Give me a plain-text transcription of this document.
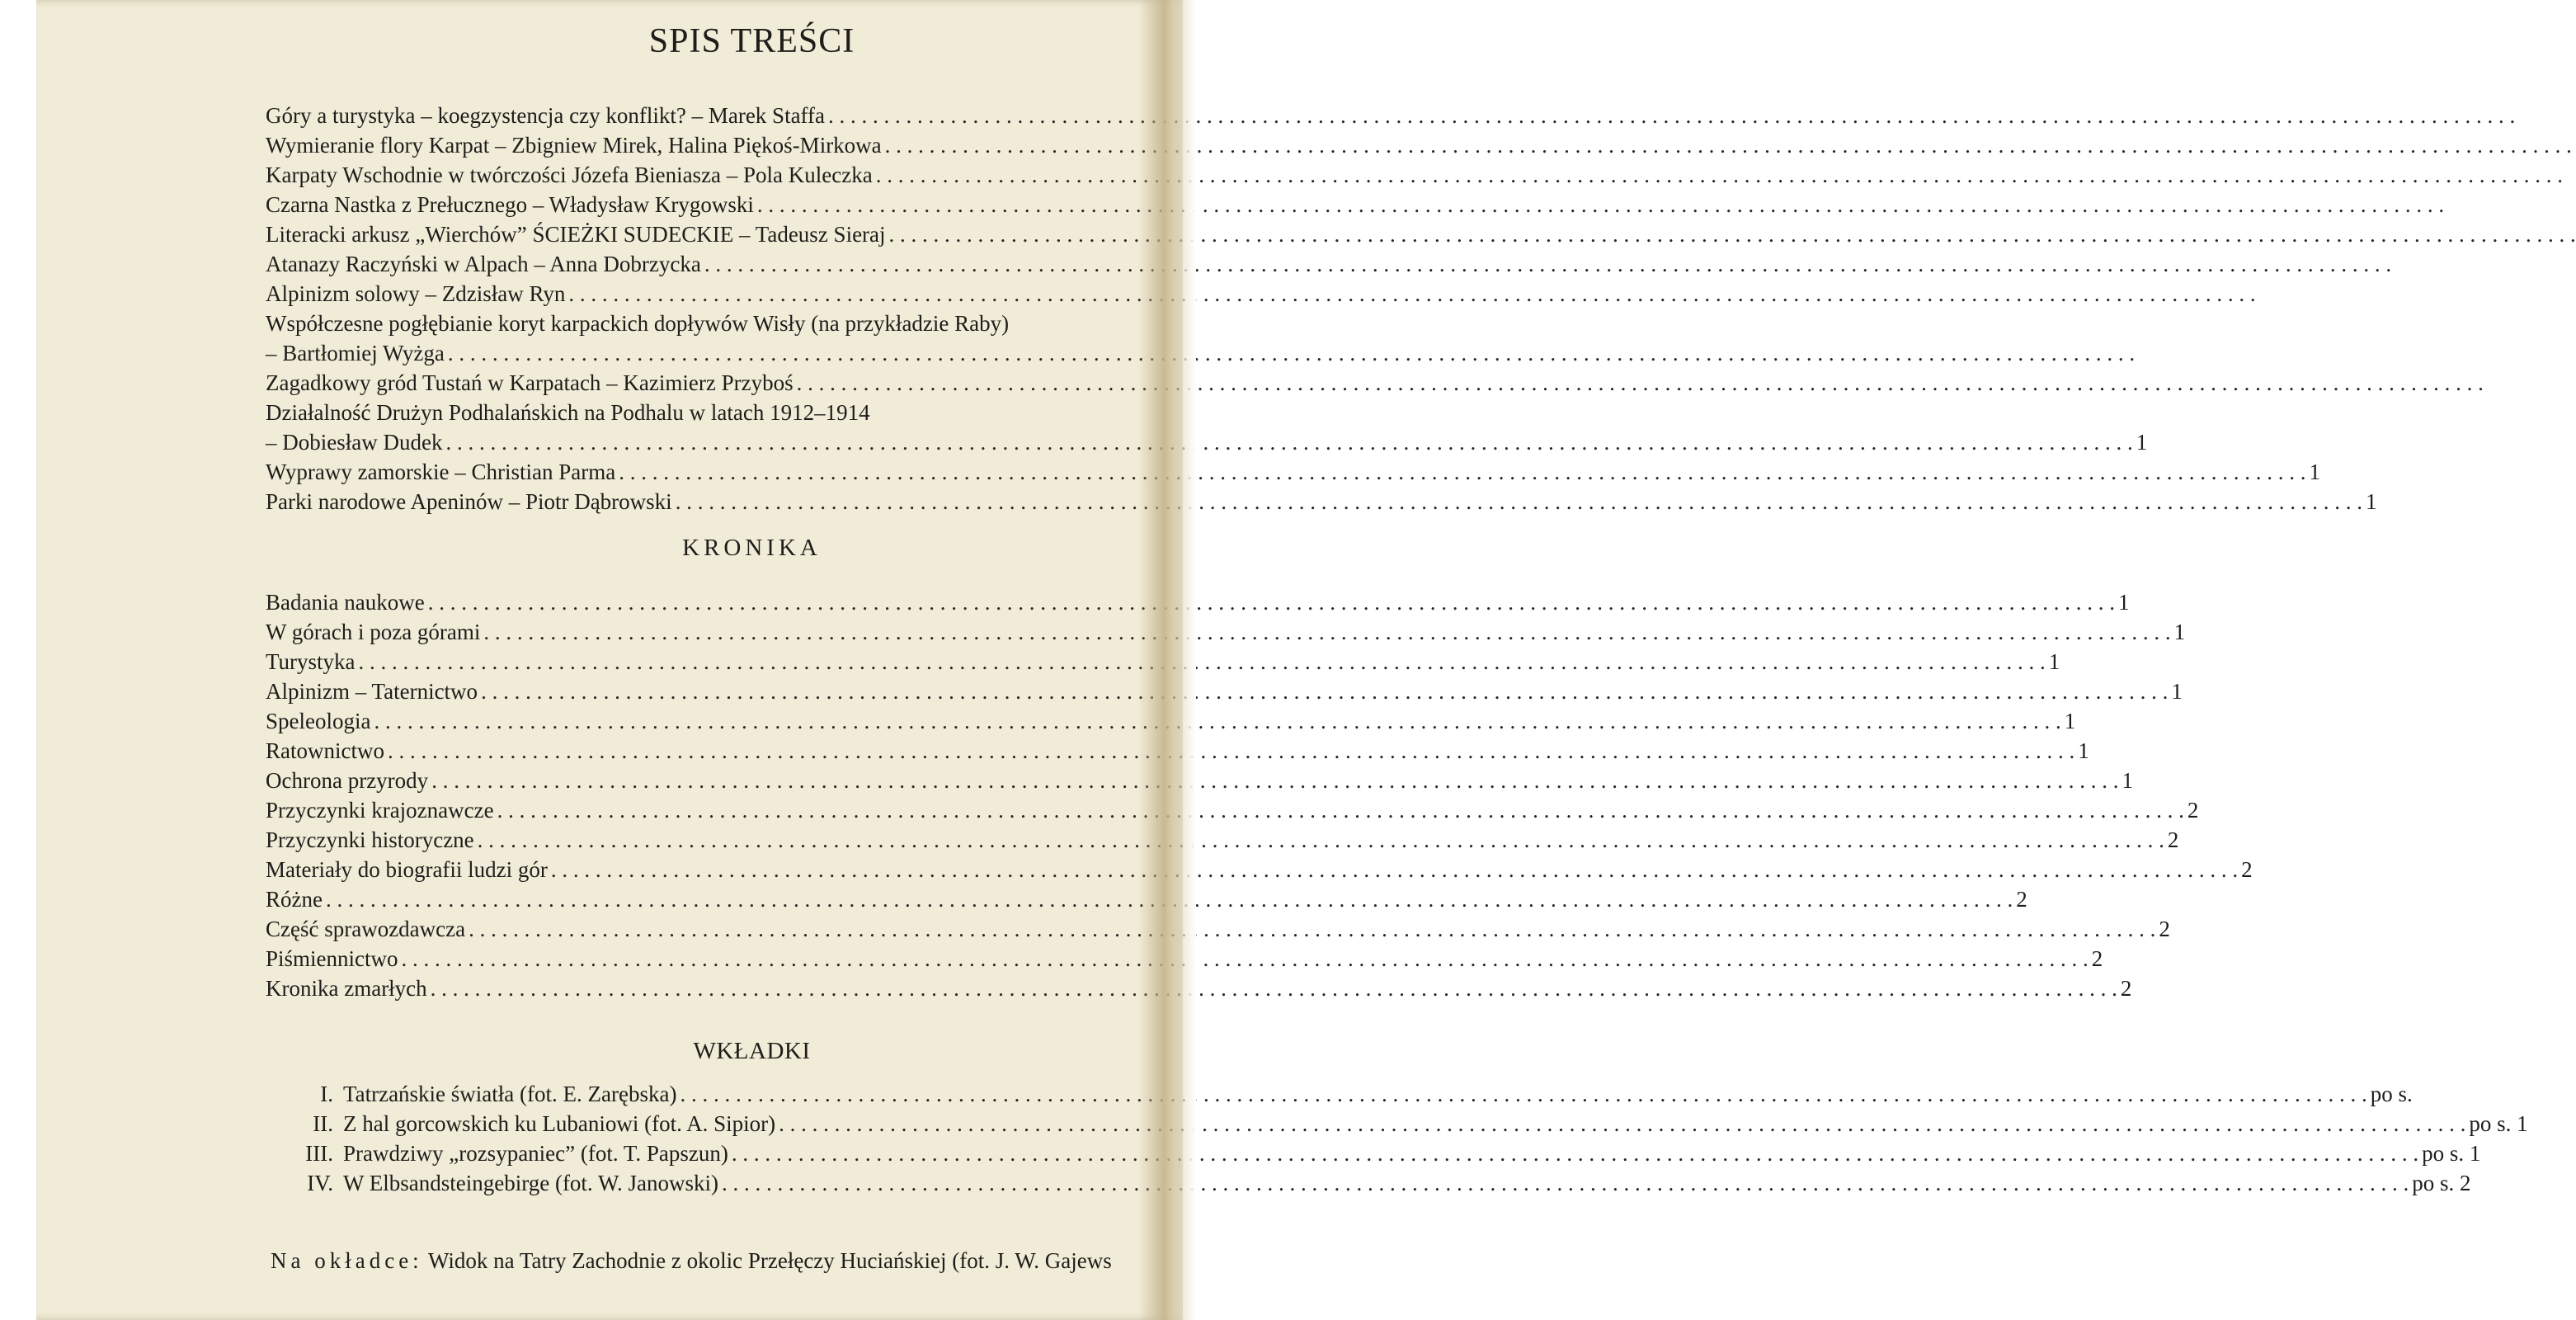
SPIS TREŚCI
Góry a turystyka – koegzystencja czy konflikt? – Marek Staffa
. . .
Wymieranie flory Karpat – Zbigniew Mirek, Halina Piękoś-Mirkowa
. . .
Karpaty Wschodnie w twórczości Józefa Bieniasza – Pola Kuleczka
. . .
Czarna Nastka z Prełucznego – Władysław Krygowski
. . .
Literacki arkusz „Wierchów” ŚCIEŻKI SUDECKIE – Tadeusz Sieraj
. . .
Atanazy Raczyński w Alpach – Anna Dobrzycka
. . .
Alpinizm solowy – Zdzisław Ryn
. . .
Współczesne pogłębianie koryt karpackich dopływów Wisły (na przykładzie Raby)
– Bartłomiej Wyżga
. . .
Zagadkowy gród Tustań w Karpatach – Kazimierz Przyboś
. . .
Działalność Drużyn Podhalańskich na Podhalu w latach 1912–1914
– Dobiesław Dudek . . .	1
Wyprawy zamorskie – Christian Parma . . .	1
Parki narodowe Apeninów – Piotr Dąbrowski . . .	1
KRONIKA
Badania naukowe . . .	1
W górach i poza górami . . .	1
Turystyka . . .	1
Alpinizm – Taternictwo . . .	1
Speleologia . . .	1
Ratownictwo . . .	1
Ochrona przyrody . . .	1
Przyczynki krajoznawcze . . .	2
Przyczynki historyczne . . .	2
Materiały do biografii ludzi gór . . .	2
Różne . . .	2
Część sprawozdawcza . . .	2
Piśmiennictwo . . .	2
Kronika zmarłych . . .	2
WKŁADKI
I. Tatrzańskie światła (fot. E. Zarębska) . . .	po s.
II. Z hal gorcowskich ku Lubaniowi (fot. A. Sipior) . . .	po s. 1
III. Prawdziwy „rozsypaniec” (fot. T. Papszun) . . .	po s. 1
IV. W Elbsandsteingebirge (fot. W. Janowski) . . .	po s. 2

Na okładce: Widok na Tatry Zachodnie z okolic Przełęczy Huciańskiej (fot. J. W. Gajews
